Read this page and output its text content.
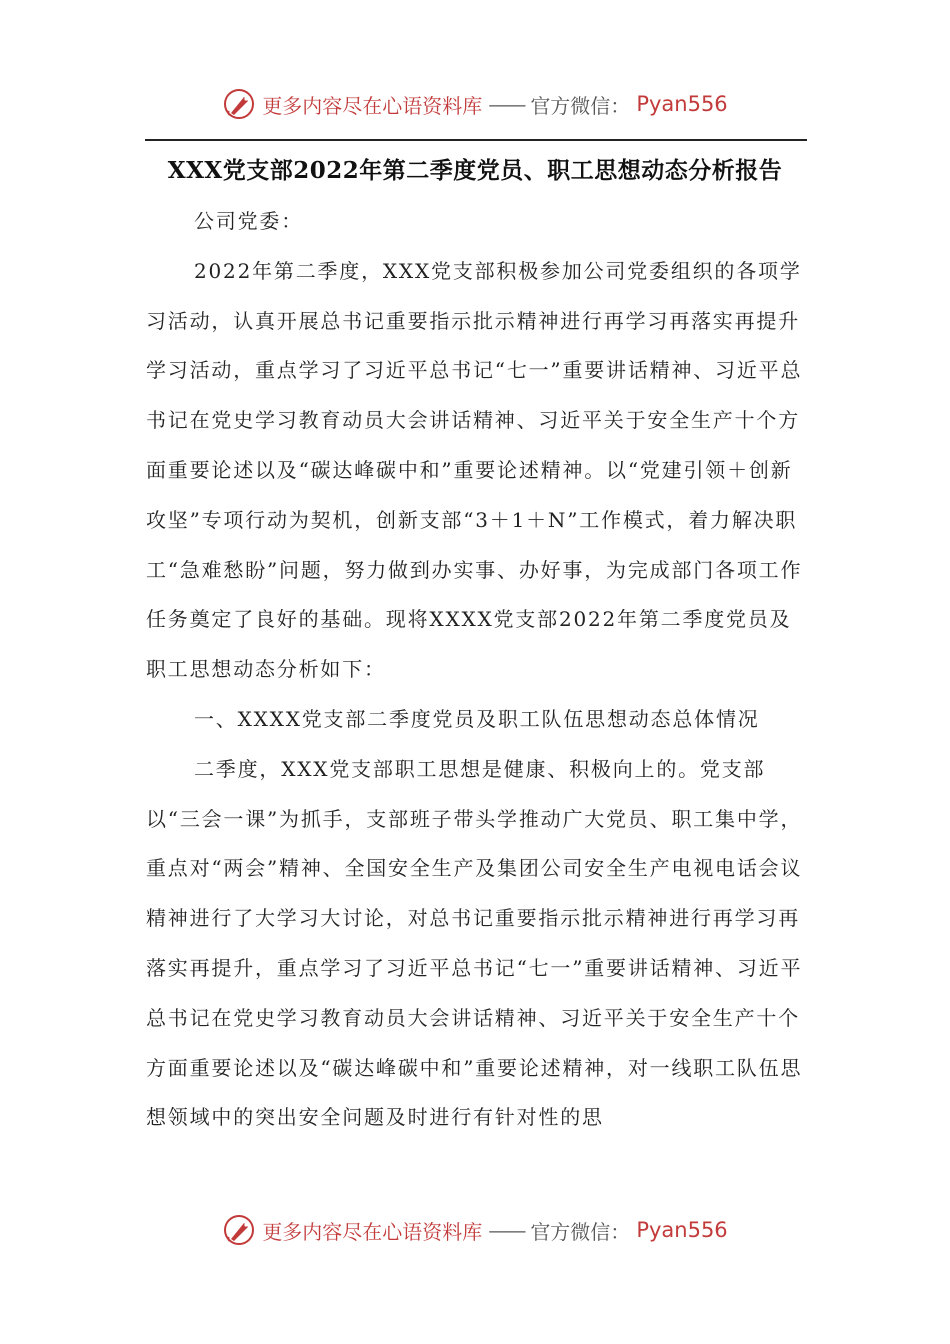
更多内容尽在心语资料库 —— 官方微信： Pyan556
XXX党支部2022年第二季度党员、职工思想动态分析报告

公司党委：

2022年第二季度，XXX党支部积极参加公司党委组织的各项学习活动，认真开展总书记重要指示批示精神进行再学习再落实再提升学习活动，重点学习了习近平总书记“七一”重要讲话精神、习近平总书记在党史学习教育动员大会讲话精神、习近平关于安全生产十个方面重要论述以及“碳达峰碳中和”重要论述精神。以“党建引领＋创新攻坚”专项行动为契机，创新支部“3＋1＋N”工作模式，着力解决职工“急难愁盼”问题，努力做到办实事、办好事，为完成部门各项工作任务奠定了良好的基础。现将XXXX党支部2022年第二季度党员及职工思想动态分析如下：

一、XXXX党支部二季度党员及职工队伍思想动态总体情况

二季度，XXX党支部职工思想是健康、积极向上的。党支部以“三会一课”为抓手，支部班子带头学推动广大党员、职工集中学，重点对“两会”精神、全国安全生产及集团公司安全生产电视电话会议精神进行了大学习大讨论，对总书记重要指示批示精神进行再学习再落实再提升，重点学习了习近平总书记“七一”重要讲话精神、习近平总书记在党史学习教育动员大会讲话精神、习近平关于安全生产十个方面重要论述以及“碳达峰碳中和”重要论述精神，对一线职工队伍思想领域中的突出安全问题及时进行有针对性的思

更多内容尽在心语资料库 —— 官方微信： Pyan556
